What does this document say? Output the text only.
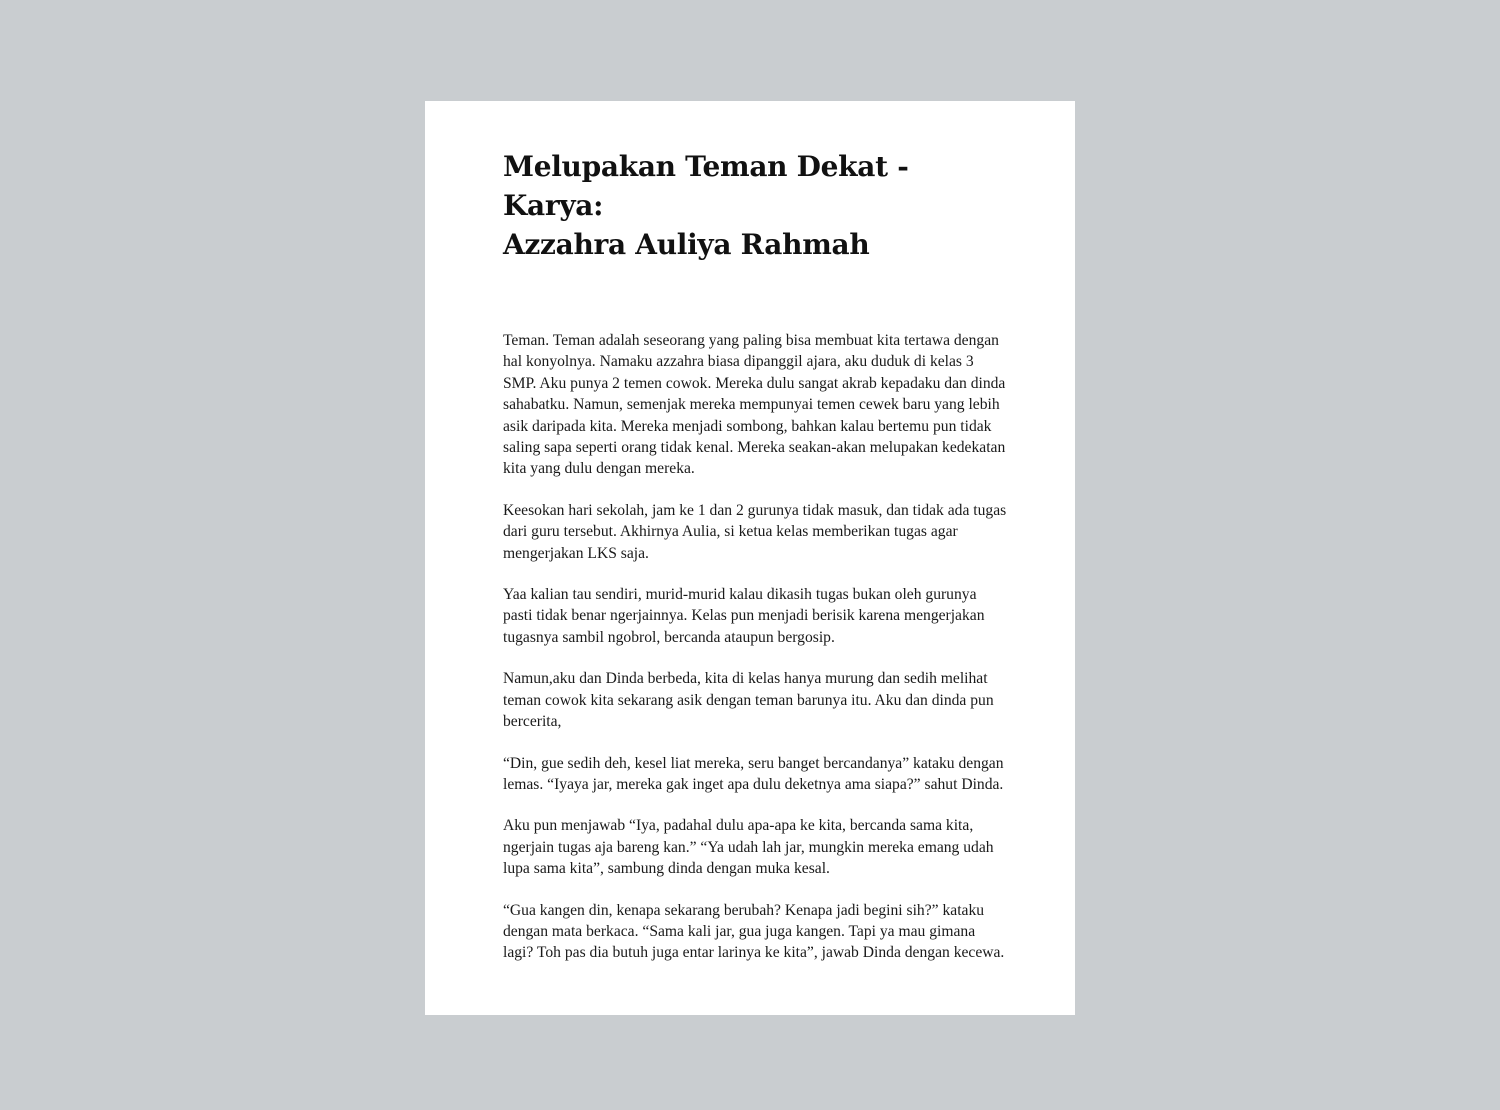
Melupakan Teman Dekat - Karya:
Azzahra Auliya Rahmah

Teman. Teman adalah seseorang yang paling bisa membuat kita tertawa dengan hal konyolnya. Namaku azzahra biasa dipanggil ajara, aku duduk di kelas 3 SMP. Aku punya 2 temen cowok. Mereka dulu sangat akrab kepadaku dan dinda sahabatku. Namun, semenjak mereka mempunyai temen cewek baru yang lebih asik daripada kita. Mereka menjadi sombong, bahkan kalau bertemu pun tidak saling sapa seperti orang tidak kenal. Mereka seakan-akan melupakan kedekatan kita yang dulu dengan mereka.

Keesokan hari sekolah, jam ke 1 dan 2 gurunya tidak masuk, dan tidak ada tugas dari guru tersebut. Akhirnya Aulia, si ketua kelas memberikan tugas agar mengerjakan LKS saja.

Yaa kalian tau sendiri, murid-murid kalau dikasih tugas bukan oleh gurunya pasti tidak benar ngerjainnya. Kelas pun menjadi berisik karena mengerjakan tugasnya sambil ngobrol, bercanda ataupun bergosip.

Namun,aku dan Dinda berbeda, kita di kelas hanya murung dan sedih melihat teman cowok kita sekarang asik dengan teman barunya itu. Aku dan dinda pun bercerita,

“Din, gue sedih deh, kesel liat mereka, seru banget bercandanya” kataku dengan lemas. “Iyaya jar, mereka gak inget apa dulu deketnya ama siapa?” sahut Dinda.

Aku pun menjawab “Iya, padahal dulu apa-apa ke kita, bercanda sama kita, ngerjain tugas aja bareng kan.” “Ya udah lah jar, mungkin mereka emang udah lupa sama kita”, sambung dinda dengan muka kesal.

“Gua kangen din, kenapa sekarang berubah? Kenapa jadi begini sih?” kataku dengan mata berkaca. “Sama kali jar, gua juga kangen. Tapi ya mau gimana lagi? Toh pas dia butuh juga entar larinya ke kita”, jawab Dinda dengan kecewa.
